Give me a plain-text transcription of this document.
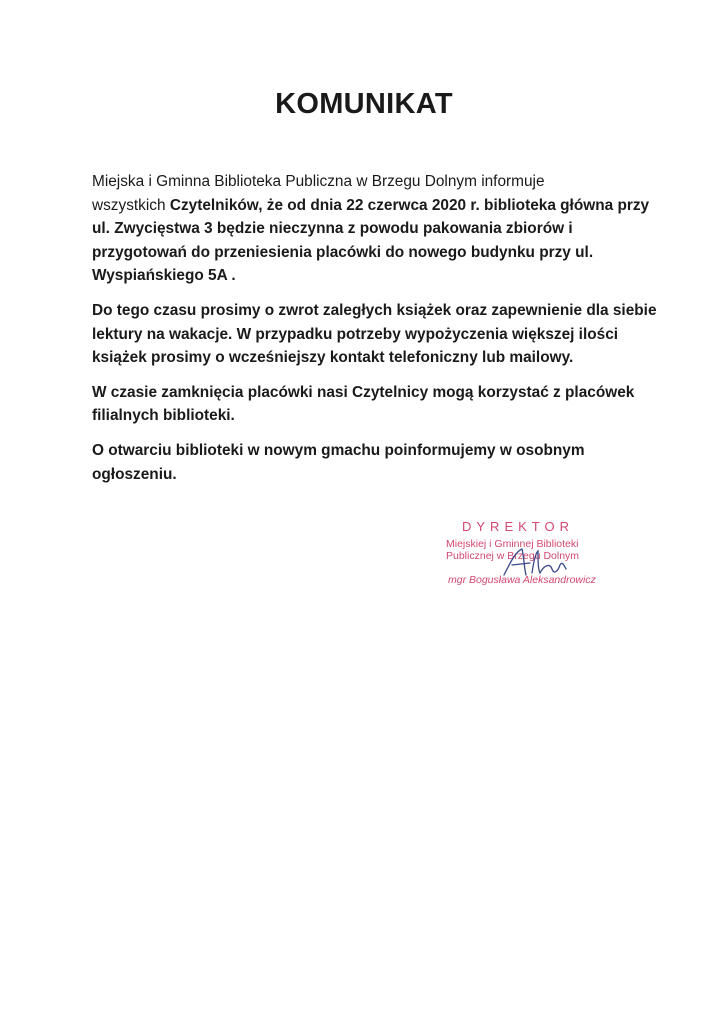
KOMUNIKAT

Miejska i Gminna Biblioteka Publiczna w Brzegu Dolnym informuje
wszystkich Czytelników, że od dnia 22 czerwca 2020 r. biblioteka główna przy
ul. Zwycięstwa 3 będzie nieczynna z powodu pakowania zbiorów i
przygotowań do przeniesienia placówki do nowego budynku przy ul.
Wyspiańskiego 5A .

Do tego czasu prosimy o zwrot zaległych książek oraz zapewnienie dla siebie
lektury na wakacje. W przypadku potrzeby wypożyczenia większej ilości
książek prosimy o wcześniejszy kontakt telefoniczny lub mailowy.

W czasie zamknięcia placówki nasi Czytelnicy mogą korzystać z placówek
filialnych biblioteki.

O otwarciu biblioteki w nowym gmachu poinformujemy w osobnym
ogłoszeniu.

DYREKTOR
Miejskiej i Gminnej Biblioteki
Publicznej w Brzegu Dolnym
mgr Bogusława Aleksandrowicz
